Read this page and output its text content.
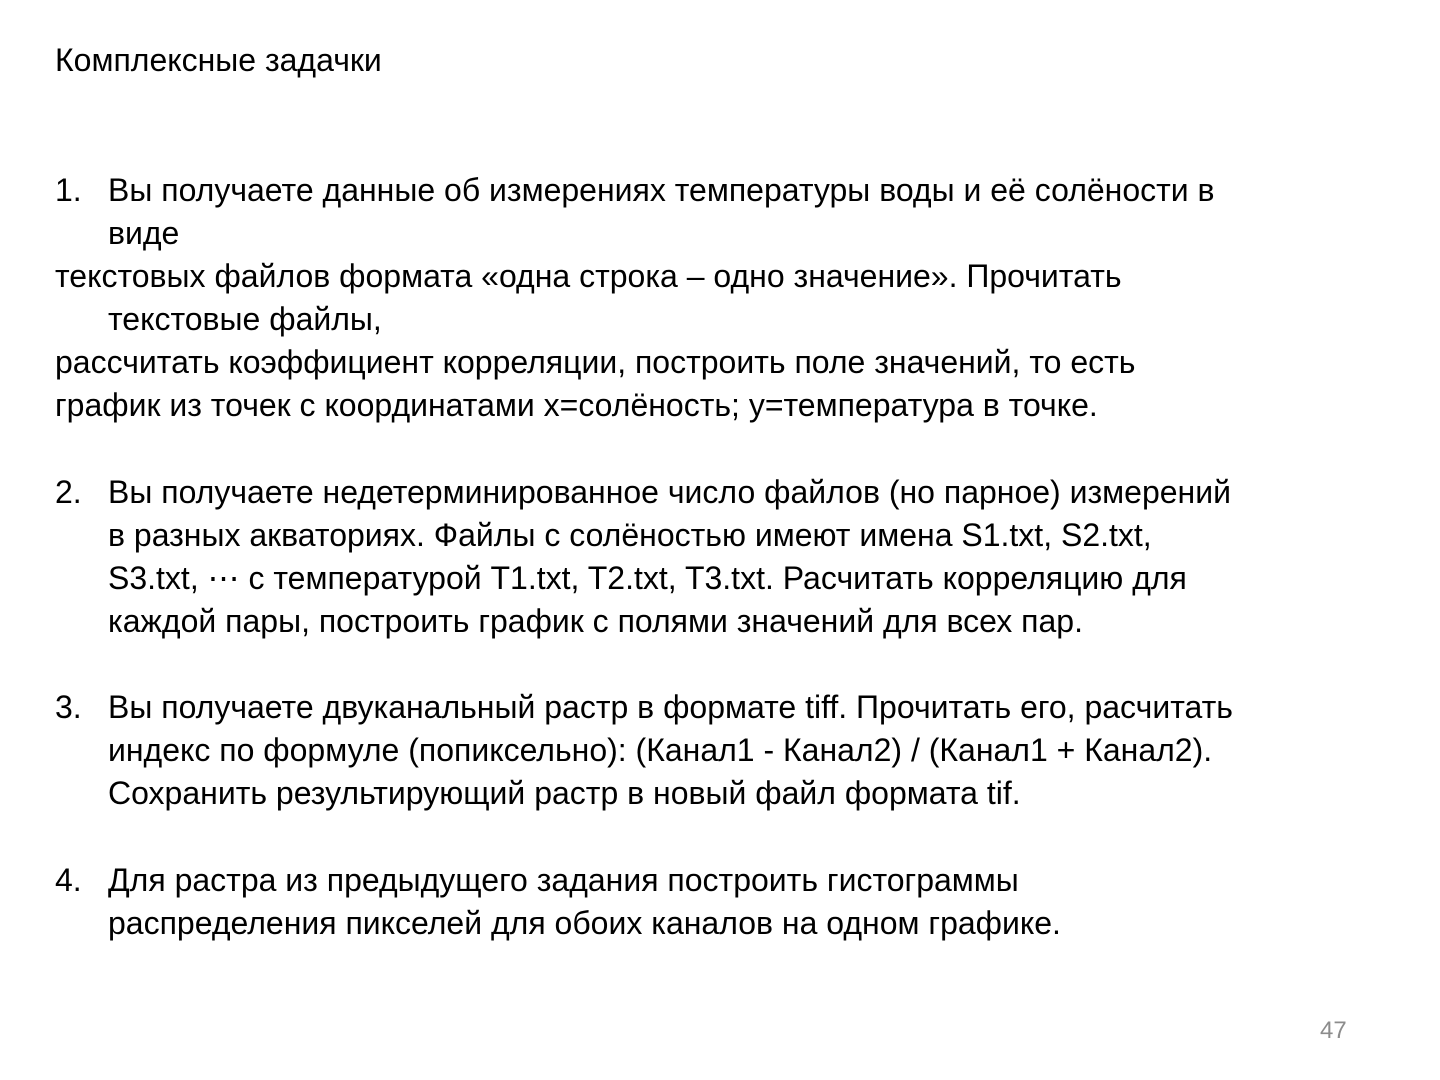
Комплексные задачки
1. Вы получаете данные об измерениях температуры воды и её солёности в
виде
текстовых файлов формата «одна строка – одно значение». Прочитать
текстовые файлы,
рассчитать коэффициент корреляции, построить поле значений, то есть
график из точек с координатами x=солёность; y=температура в точке.
2. Вы получаете недетерминированное число файлов (но парное) измерений
в разных акваториях. Файлы с солёностью имеют имена S1.txt, S2.txt,
S3.txt, ⋯ с температурой T1.txt, T2.txt, T3.txt. Расчитать корреляцию для
каждой пары, построить график с полями значений для всех пар.
3. Вы получаете двуканальный растр в формате tiff. Прочитать его, расчитать
индекс по формуле (попиксельно): (Канал1 - Канал2) / (Канал1 + Канал2).
Сохранить результирующий растр в новый файл формата tif.
4. Для растра из предыдущего задания построить гистограммы
распределения пикселей для обоих каналов на одном графике.
47
